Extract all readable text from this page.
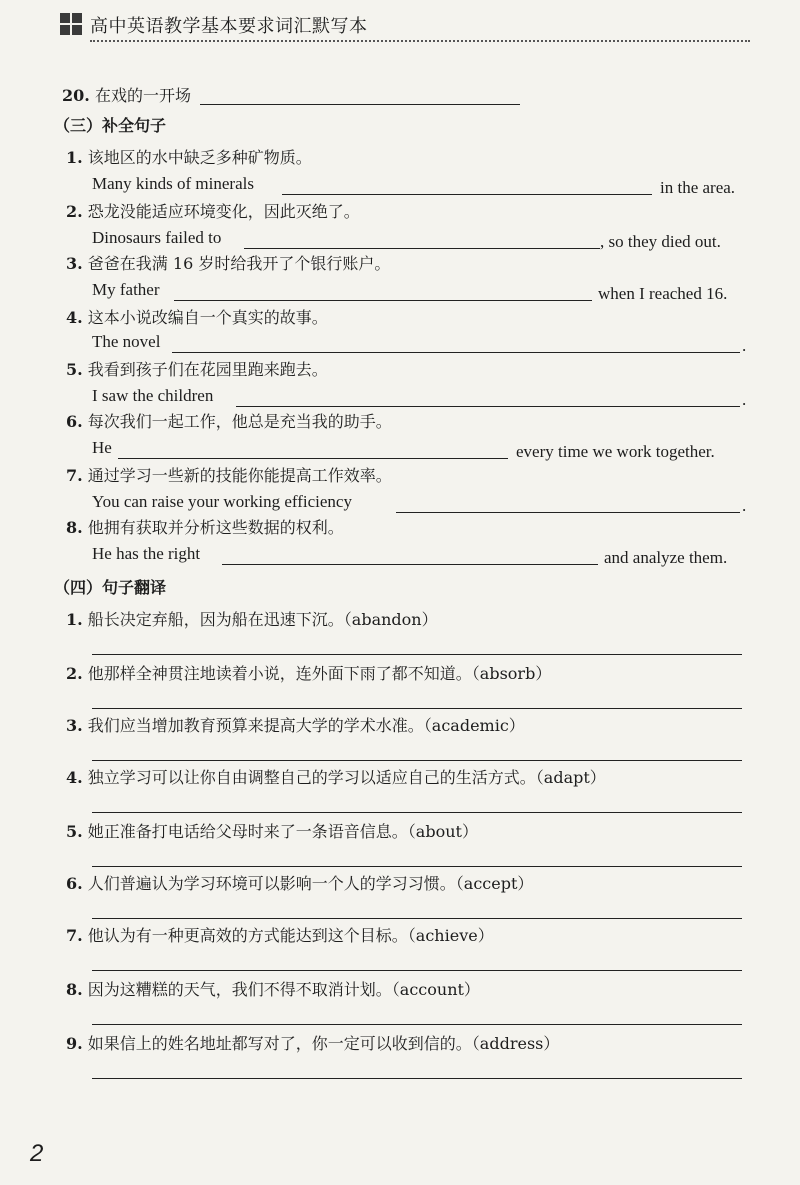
高中英语教学基本要求词汇默写本
20. 在戏的一开场
（三）补全句子
1. 该地区的水中缺乏多种矿物质。
Many kinds of minerals	in the area.
2. 恐龙没能适应环境变化，因此灭绝了。
Dinosaurs failed to	, so they died out.
3. 爸爸在我满 16 岁时给我开了个银行账户。
My father	when I reached 16.
4. 这本小说改编自一个真实的故事。
The novel	.
5. 我看到孩子们在花园里跑来跑去。
I saw the children	.
6. 每次我们一起工作，他总是充当我的助手。
He	every time we work together.
7. 通过学习一些新的技能你能提高工作效率。
You can raise your working efficiency	.
8. 他拥有获取并分析这些数据的权利。
He has the right	and analyze them.
（四）句子翻译
1. 船长决定弃船，因为船在迅速下沉。（abandon）
2. 他那样全神贯注地读着小说，连外面下雨了都不知道。（absorb）
3. 我们应当增加教育预算来提高大学的学术水准。（academic）
4. 独立学习可以让你自由调整自己的学习以适应自己的生活方式。（adapt）
5. 她正准备打电话给父母时来了一条语音信息。（about）
6. 人们普遍认为学习环境可以影响一个人的学习习惯。（accept）
7. 他认为有一种更高效的方式能达到这个目标。（achieve）
8. 因为这糟糕的天气，我们不得不取消计划。（account）
9. 如果信上的姓名地址都写对了，你一定可以收到信的。（address）
2
